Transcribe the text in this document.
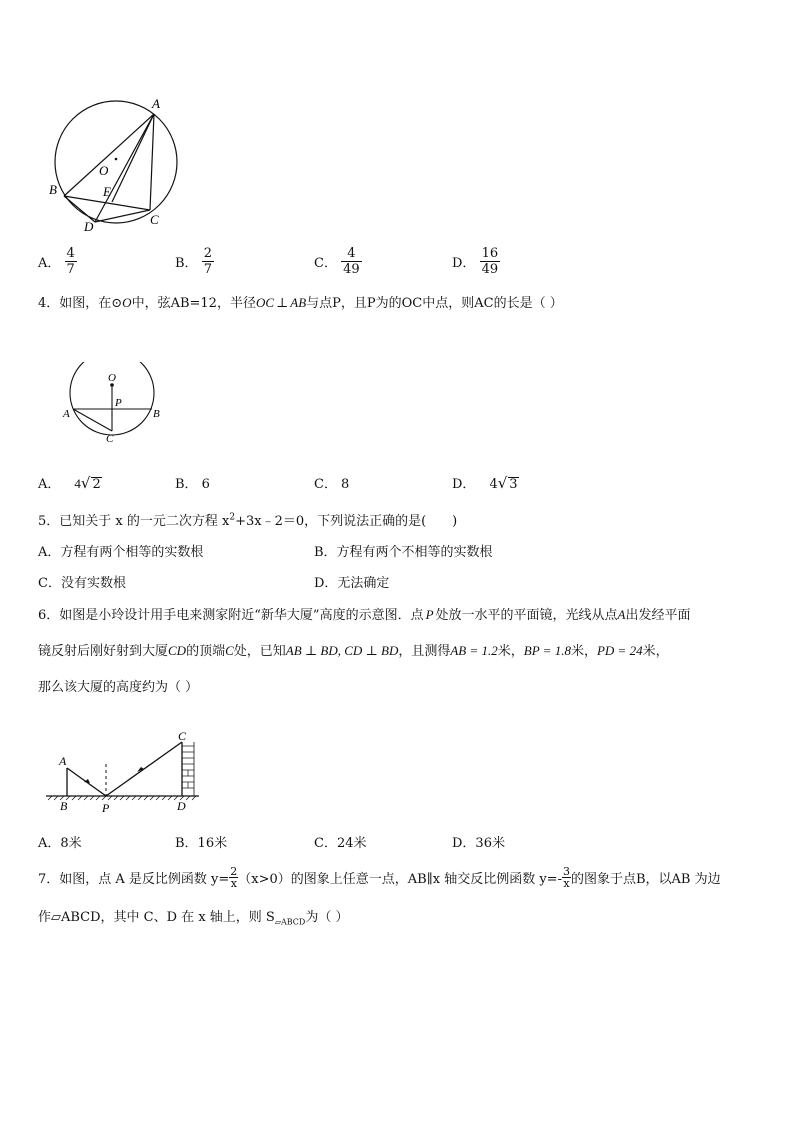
A
O
B	E
D	C
A． $\frac{4}{7}$	B． $\frac{2}{7}$	C． $\frac{4}{49}$	D． $\frac{16}{49}$
4．如图，在⊙O中，弦AB=12，半径OC ⊥ AB与点P，且P为的OC中点，则AC的长是（ ）
O
P
A	B
C
A． 4√ 2	B． 6	C． 8	D． 4√ 3
5．已知关于 x 的一元二次方程 $x^2+3x﹣2=0$，下列说法正确的是(　　)
A．方程有两个相等的实数根	B．方程有两个不相等的实数根
C．没有实数根	D．无法确定
6．如图是小玲设计用手电来测家附近“新华大厦”高度的示意图．点 P 处放一水平的平面镜，光线从点A出发经平面
镜反射后刚好射到大厦CD的顶端C处，已知AB ⊥ BD, CD ⊥ BD，且测得AB = 1.2米，BP = 1.8米，PD = 24米，
那么该大厦的高度约为（ ）
A
B	P
C
D
A．8米	B．16米	C．24米	D．36米
7．如图，点 A 是反比例函数 $y= \frac{2}{x} (x>0)$的图象上任意一点，AB∥x 轴交反比例函数 $y=- \frac{3}{x}$ 的图象于点B，以AB 为边
作▱ABCD，其中 C、D 在 x 轴上，则 $S_{▱ABCD}$为（ ）
